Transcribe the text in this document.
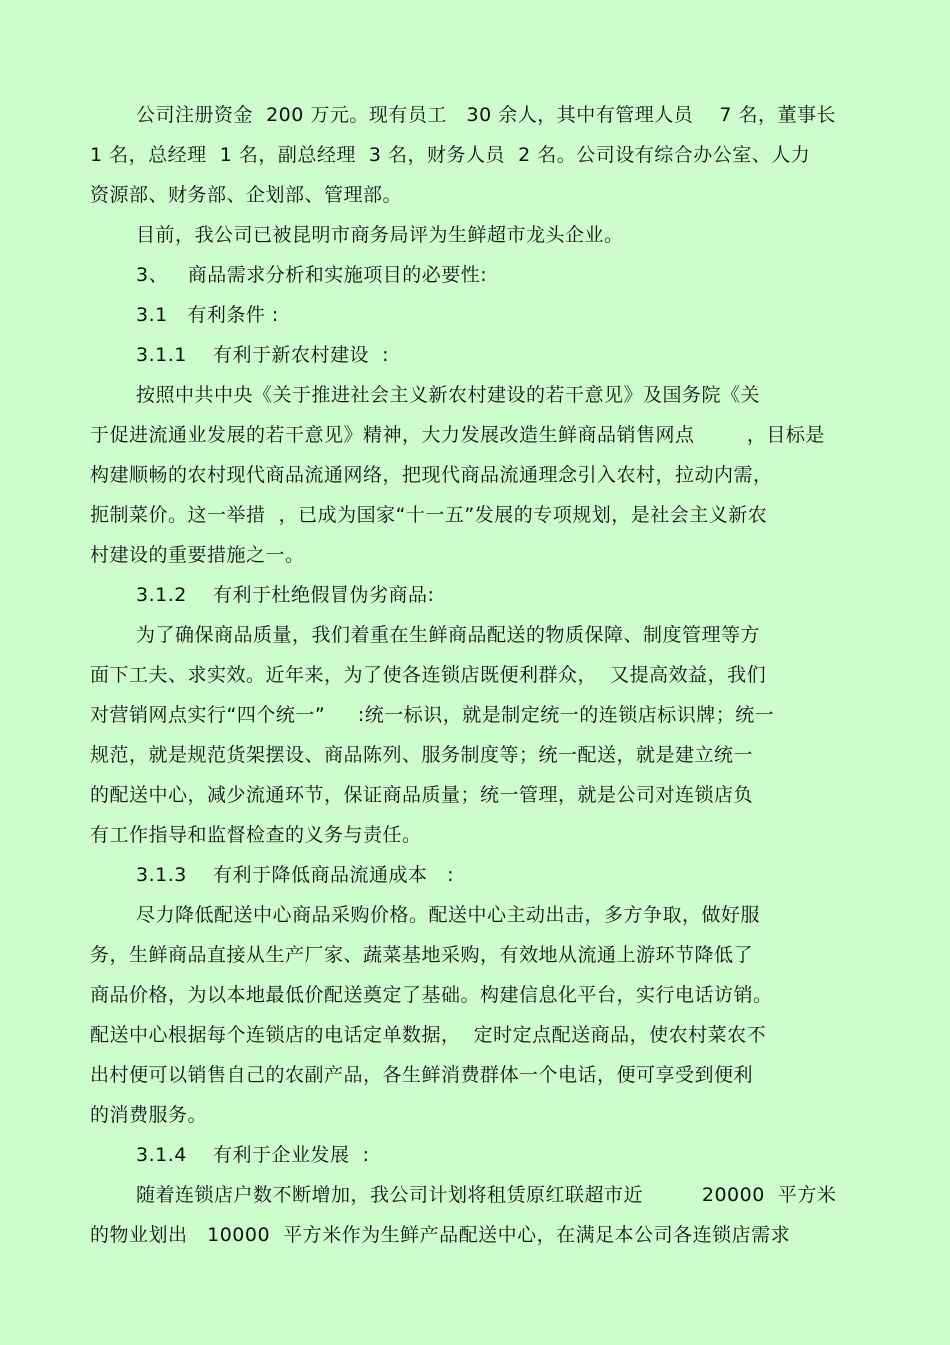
公司注册资金  200 万元。现有员工   30 余人，其中有管理人员    7 名，董事长
1 名，总经理  1 名，副总经理  3 名，财务人员  2 名。公司设有综合办公室、人力
资源部、财务部、企划部、管理部。
目前，我公司已被昆明市商务局评为生鲜超市龙头企业。
3、   商品需求分析和实施项目的必要性:
3.1   有利条件 :
3.1.1    有利于新农村建设  :
按照中共中央《关于推进社会主义新农村建设的若干意见》及国务院《关
于促进流通业发展的若干意见》精神，大力发展改造生鲜商品销售网点        ，目标是
构建顺畅的农村现代商品流通网络，把现代商品流通理念引入农村，拉动内需，
扼制菜价。这一举措  ，已成为国家“十一五”发展的专项规划，是社会主义新农
村建设的重要措施之一。
3.1.2    有利于杜绝假冒伪劣商品:
为了确保商品质量，我们着重在生鲜商品配送的物质保障、制度管理等方
面下工夫、求实效。近年来，为了使各连锁店既便利群众，  又提高效益，我们
对营销网点实行“四个统一”     :统一标识，就是制定统一的连锁店标识牌；统一
规范，就是规范货架摆设、商品陈列、服务制度等；统一配送，就是建立统一
的配送中心，减少流通环节，保证商品质量；统一管理，就是公司对连锁店负
有工作指导和监督检查的义务与责任。
3.1.3    有利于降低商品流通成本   :
尽力降低配送中心商品采购价格。配送中心主动出击，多方争取，做好服
务，生鲜商品直接从生产厂家、蔬菜基地采购，有效地从流通上游环节降低了
商品价格，为以本地最低价配送奠定了基础。构建信息化平台，实行电话访销。
配送中心根据每个连锁店的电话定单数据，  定时定点配送商品，使农村菜农不
出村便可以销售自己的农副产品，各生鲜消费群体一个电话，便可享受到便利
的消费服务。
3.1.4    有利于企业发展  :
随着连锁店户数不断增加，我公司计划将租赁原红联超市近         20000  平方米
的物业划出   10000  平方米作为生鲜产品配送中心，在满足本公司各连锁店需求
